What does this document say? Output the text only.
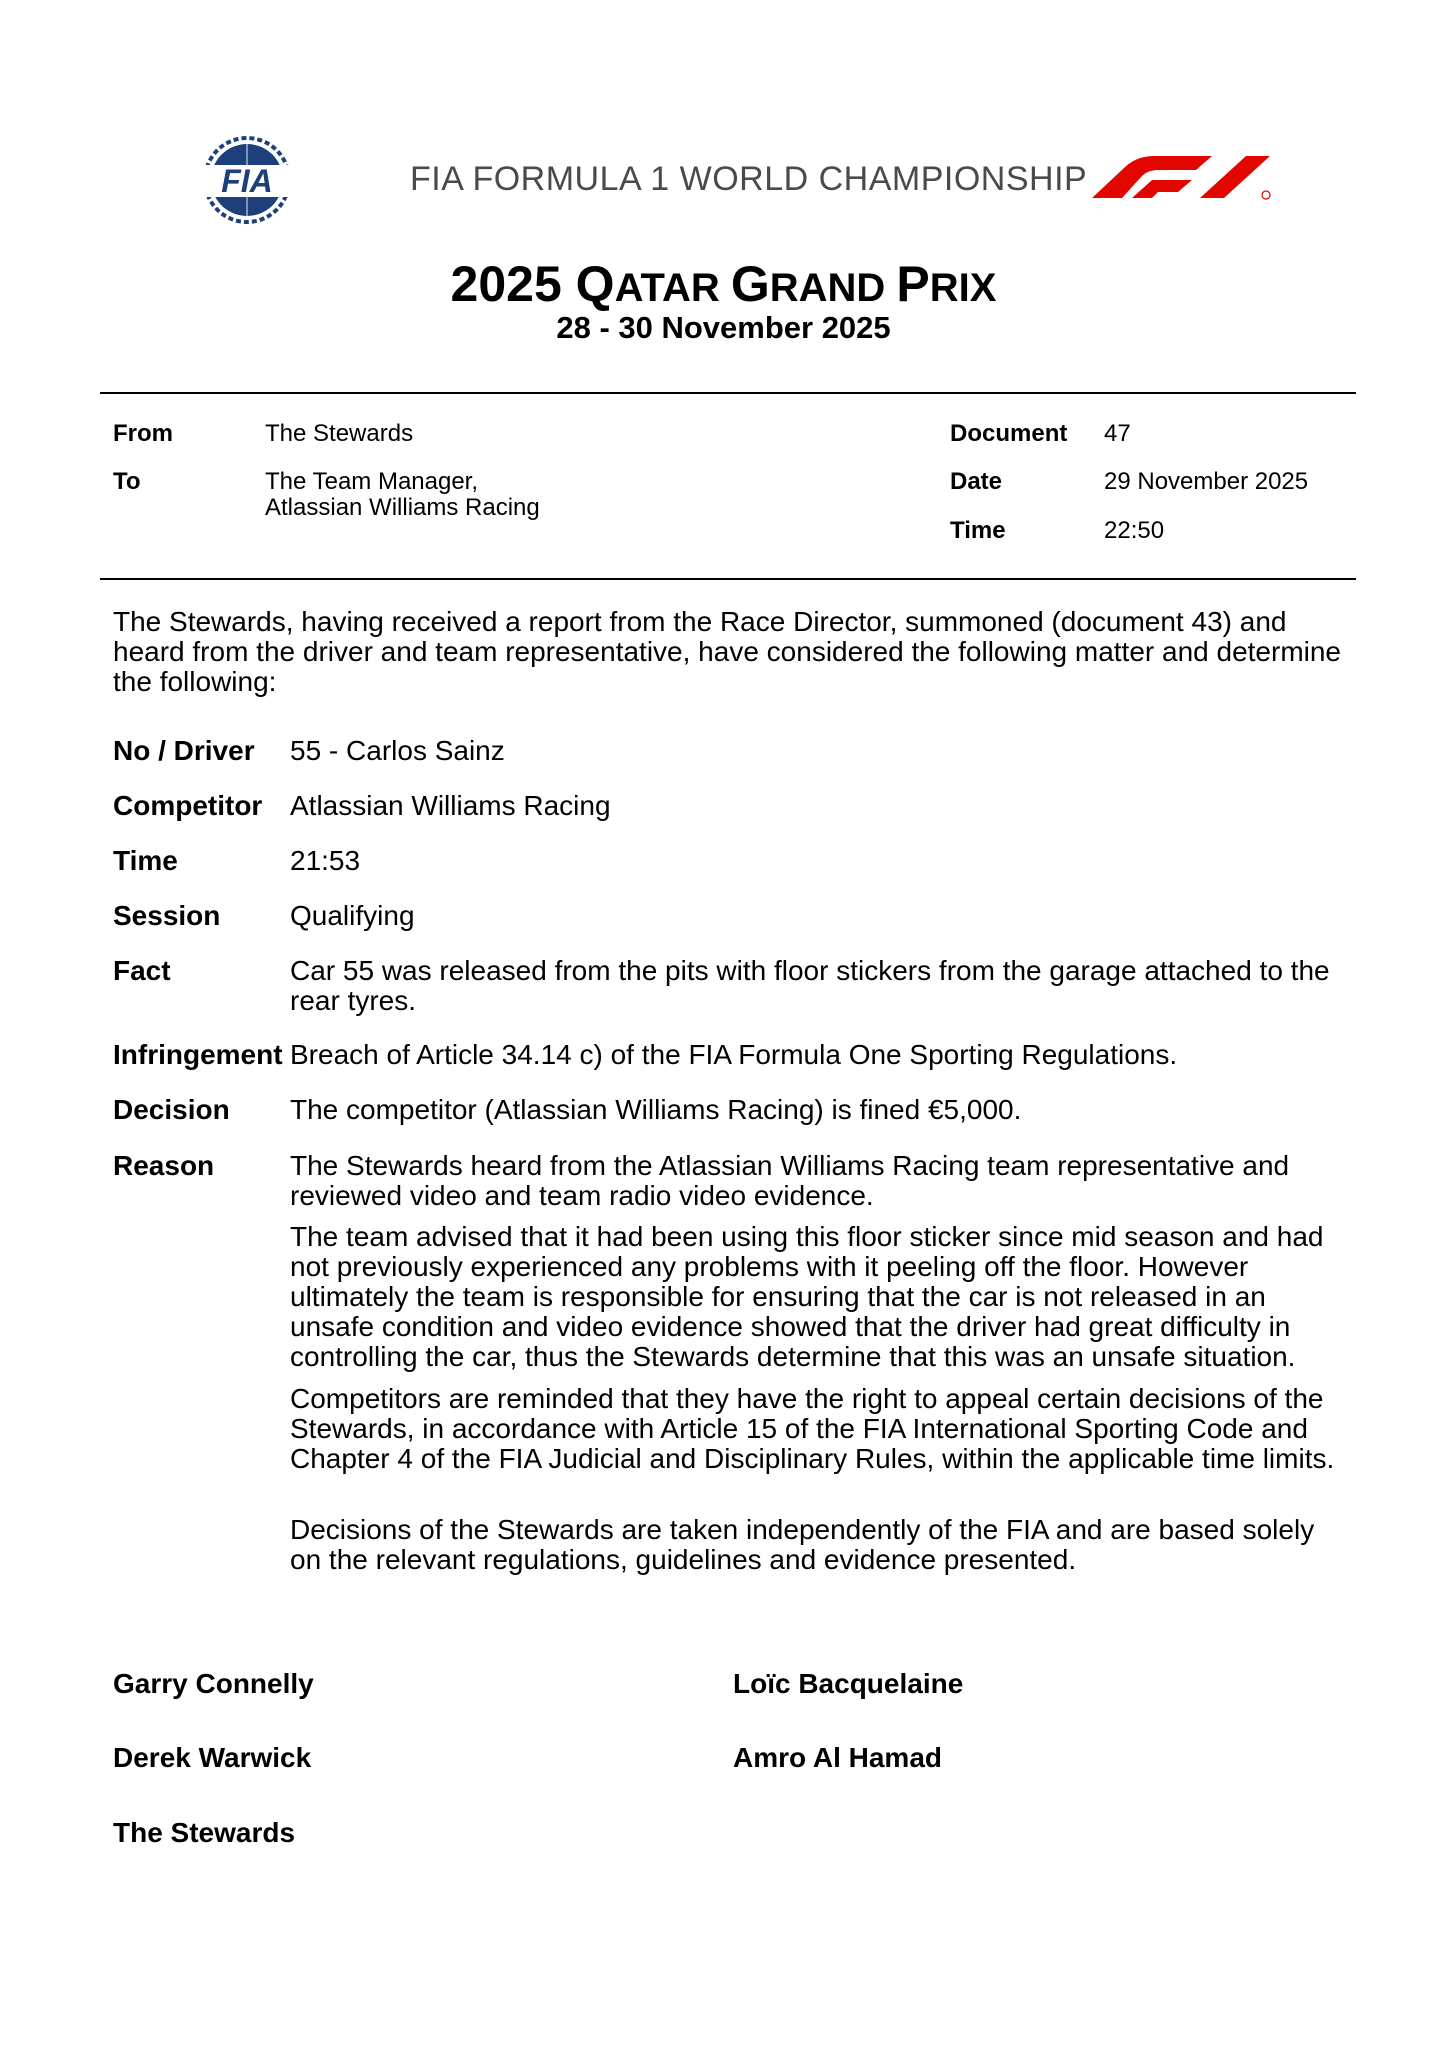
FIA	FIA FORMULA 1 WORLD CHAMPIONSHIP
2025 QATAR GRAND PRIX
28 - 30 November 2025
From	The Stewards
To	The Team Manager,
Atlassian Williams Racing
Document 47
Date	29 November 2025
Time	22:50
The Stewards, having received a report from the Race Director, summoned (document 43) and heard from the driver and team representative, have considered the following matter and determine the following:
No / Driver 55 - Carlos Sainz
Competitor Atlassian Williams Racing
Time	21:53
Session Qualifying
Fact	Car 55 was released from the pits with floor stickers from the garage attached to the rear tyres.
Infringement Breach of Article 34.14 c) of the FIA Formula One Sporting Regulations.
Decision The competitor (Atlassian Williams Racing) is fined €5,000.
Reason	The Stewards heard from the Atlassian Williams Racing team representative and reviewed video and team radio video evidence.
The team advised that it had been using this floor sticker since mid season and had not previously experienced any problems with it peeling off the floor. However ultimately the team is responsible for ensuring that the car is not released in an unsafe condition and video evidence showed that the driver had great difficulty in controlling the car, thus the Stewards determine that this was an unsafe situation.
Competitors are reminded that they have the right to appeal certain decisions of the Stewards, in accordance with Article 15 of the FIA International Sporting Code and Chapter 4 of the FIA Judicial and Disciplinary Rules, within the applicable time limits.
Decisions of the Stewards are taken independently of the FIA and are based solely on the relevant regulations, guidelines and evidence presented.
Garry Connelly	Loïc Bacquelaine
Derek Warwick	Amro Al Hamad
The Stewards
